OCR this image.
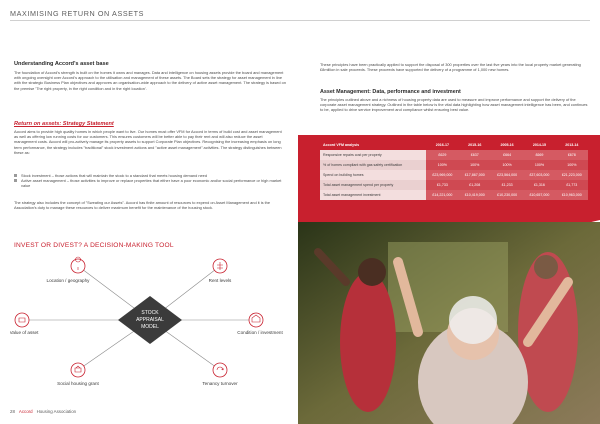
MAXIMISING RETURN ON ASSETS
Understanding Accord's asset base
The foundation of Accord's strength is built on the homes it owns and manages. Data and intelligence on housing assets provide the board and management with ongoing oversight over Accord's approach to the utilisation and management of these assets. The Board sets the strategy for asset management in line with the strategic Business Plan objectives and approves an organisation-wide approach to the delivery of active asset management. The strategy is based on the premise 'The right property, in the right condition and in the right location'.
Return on assets: Strategy Statement
Accord aims to provide high quality homes in which people want to live. Our homes must offer VFM for Accord in terms of build cost and asset management as well as offering low running costs for our customers. This ensures customers will be better able to pay their rent and will also reduce the asset management costs. Accord will pro-actively manage its property assets to support Corporate Plan objectives. Recognising the increasing emphasis on long term performance, the strategy includes "traditional" stock investment actions and "active asset management" activities. The strategy distinguishes between these as:
Stock investment – those actions that will maintain the stock to a standard that meets housing demand need
Active asset management – those activities to improve or replace properties that either have a poor economic and/or social performance or high market value
The strategy also includes the concept of "Sweating our Assets". Accord has finite amount of resources to expend on Asset Management and it is the Association's duty to manage these resources to deliver maximum benefit for the maintenance of the housing stock.
INVEST OR DIVEST? A DECISION-MAKING TOOL
STOCK
APPRAISAL
MODEL
Location / geography	Rent levels
Value of asset	Condition / investment
Social housing grant	Tenancy turnover
28 Accord Housing Association
These principles have been practically applied to support the disposal of 300 properties over the last five years into the local property market generating £8million in sale proceeds. These proceeds have supported the delivery of a programme of 1,000 new homes.
Asset Management: Data, performance and investment
The principles outlined above and a richness of housing property data are used to measure and improve performance and support the delivery of the corporate asset management strategy. Outlined in the table below is the vital data highlighting how asset management intelligence has been, and continues to be, applied to drive service improvement and compliance whilst ensuring best value.
Accord VFM analysis	2016-17	2015-16	2005-16	2014-15	2013-14
Responsive repairs cost per property	£629	£637	£664	£669	£678
% of homes compliant with gas safety certification	100%	100%	100%	100%	100%
Spend on building homes	£23,969,000	£17,867,000	£23,564,000	£37,603,000	£21,223,000
Total asset management spend per property	£1,733	£1,208	£1,233	£1,316	£1,773
Total asset management investment	£14,221,000	£10,419,000	£10,230,000	£10,657,000	£10,963,000
